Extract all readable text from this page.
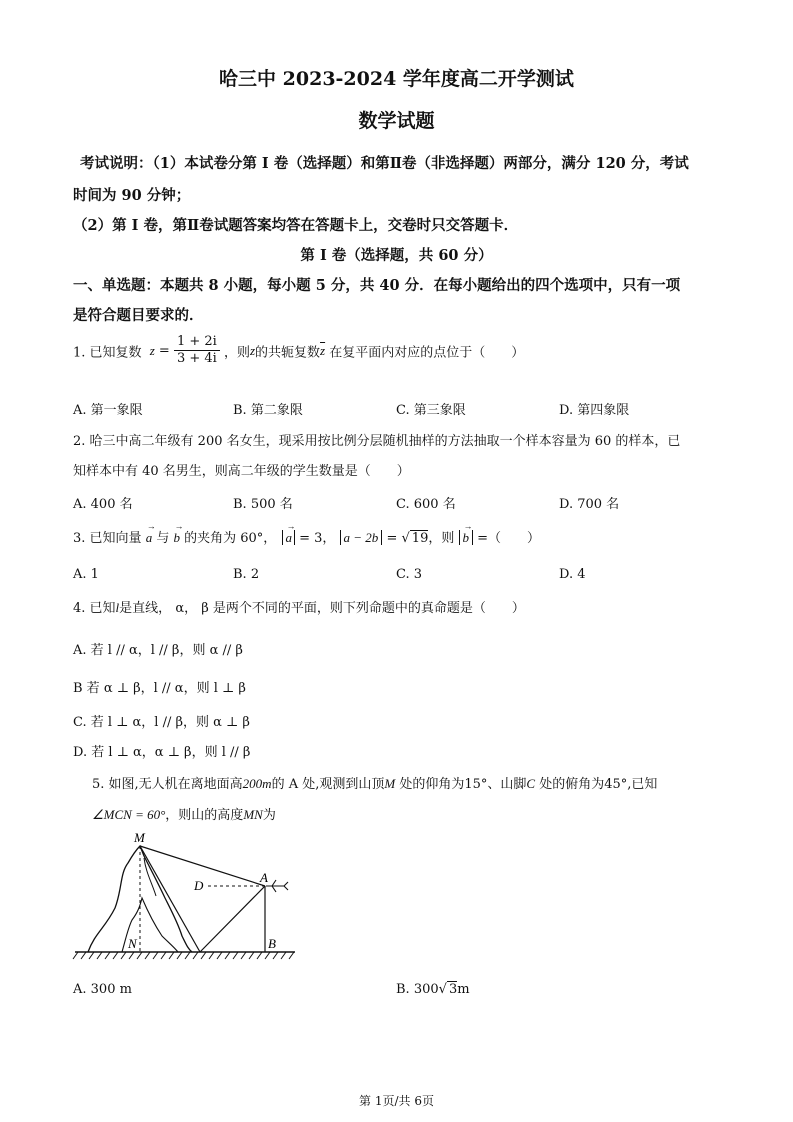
哈三中 2023-2024 学年度高二开学测试
数学试题
考试说明：（1）本试卷分第 I 卷（选择题）和第Ⅱ卷（非选择题）两部分，满分 120 分，考试
时间为 90 分钟；
（2）第 I 卷，第Ⅱ卷试题答案均答在答题卡上，交卷时只交答题卡．
第 I 卷（选择题，共 60 分）
一、单选题：本题共 8 小题，每小题 5 分，共 40 分．在每小题给出的四个选项中，只有一项
是符合题目要求的．
1. 已知复数 $z = \frac{1 + 2i}{3 + 4i}$ ，则z的共轭复数$\overline{z}$ 在复平面内对应的点位于（　　）
A. 第一象限	B. 第二象限	C. 第三象限	D. 第四象限
2. 哈三中高二年级有 200 名女生，现采用按比例分层随机抽样的方法抽取一个样本容量为 60 的样本，已
知样本中有 40 名男生，则高二年级的学生数量是（　　）
A. 400 名	B. 500 名	C. 600 名	D. 700 名
3. 已知向量
→
a 与
→
b 的夹角为 60°，
→
a = 3， a − 2b = √ 19，则
→
b =（　　）
A. 1	B. 2	C. 3	D. 4
4. 已知l是直线， α， β 是两个不同的平面，则下列命题中的真命题是（　　）
A. 若 l // α，l // β，则 α // β
B 若 α ⊥ β，l // α，则 l ⊥ β
C. 若 l ⊥ α，l // β，则 α ⊥ β
D. 若 l ⊥ α，α ⊥ β，则 l // β
5. 如图,无人机在离地面高200m的 A 处,观测到山顶M 处的仰角为15°、山脚C 处的俯角为45°,已知
∠MCN = 60°，则山的高度MN为
M
D
A
N	B
A. 300 m	B. 300√ 3m
第 1页/共 6页
